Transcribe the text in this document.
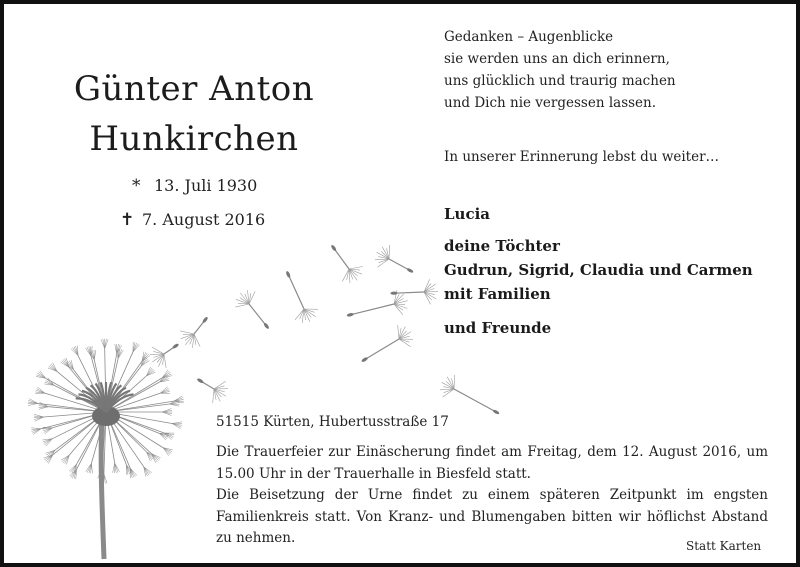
Günter Anton
Hunkirchen
* 13. Juli 1930
✝ 7. August 2016
Gedanken – Augenblicke
sie werden uns an dich erinnern,
uns glücklich und traurig machen
und Dich nie vergessen lassen.
In unserer Erinnerung lebst du weiter…
Lucia
deine Töchter
Gudrun, Sigrid, Claudia und Carmen
mit Familien
und Freunde
51515 Kürten, Hubertusstraße 17
Die Trauerfeier zur Einäscherung findet am Freitag, dem 12. August 2016, um
15.00 Uhr in der Trauerhalle in Biesfeld statt.
Die Beisetzung der Urne findet zu einem späteren Zeitpunkt im engsten
Familienkreis statt. Von Kranz- und Blumengaben bitten wir höflichst Abstand
zu nehmen.	Statt Karten
